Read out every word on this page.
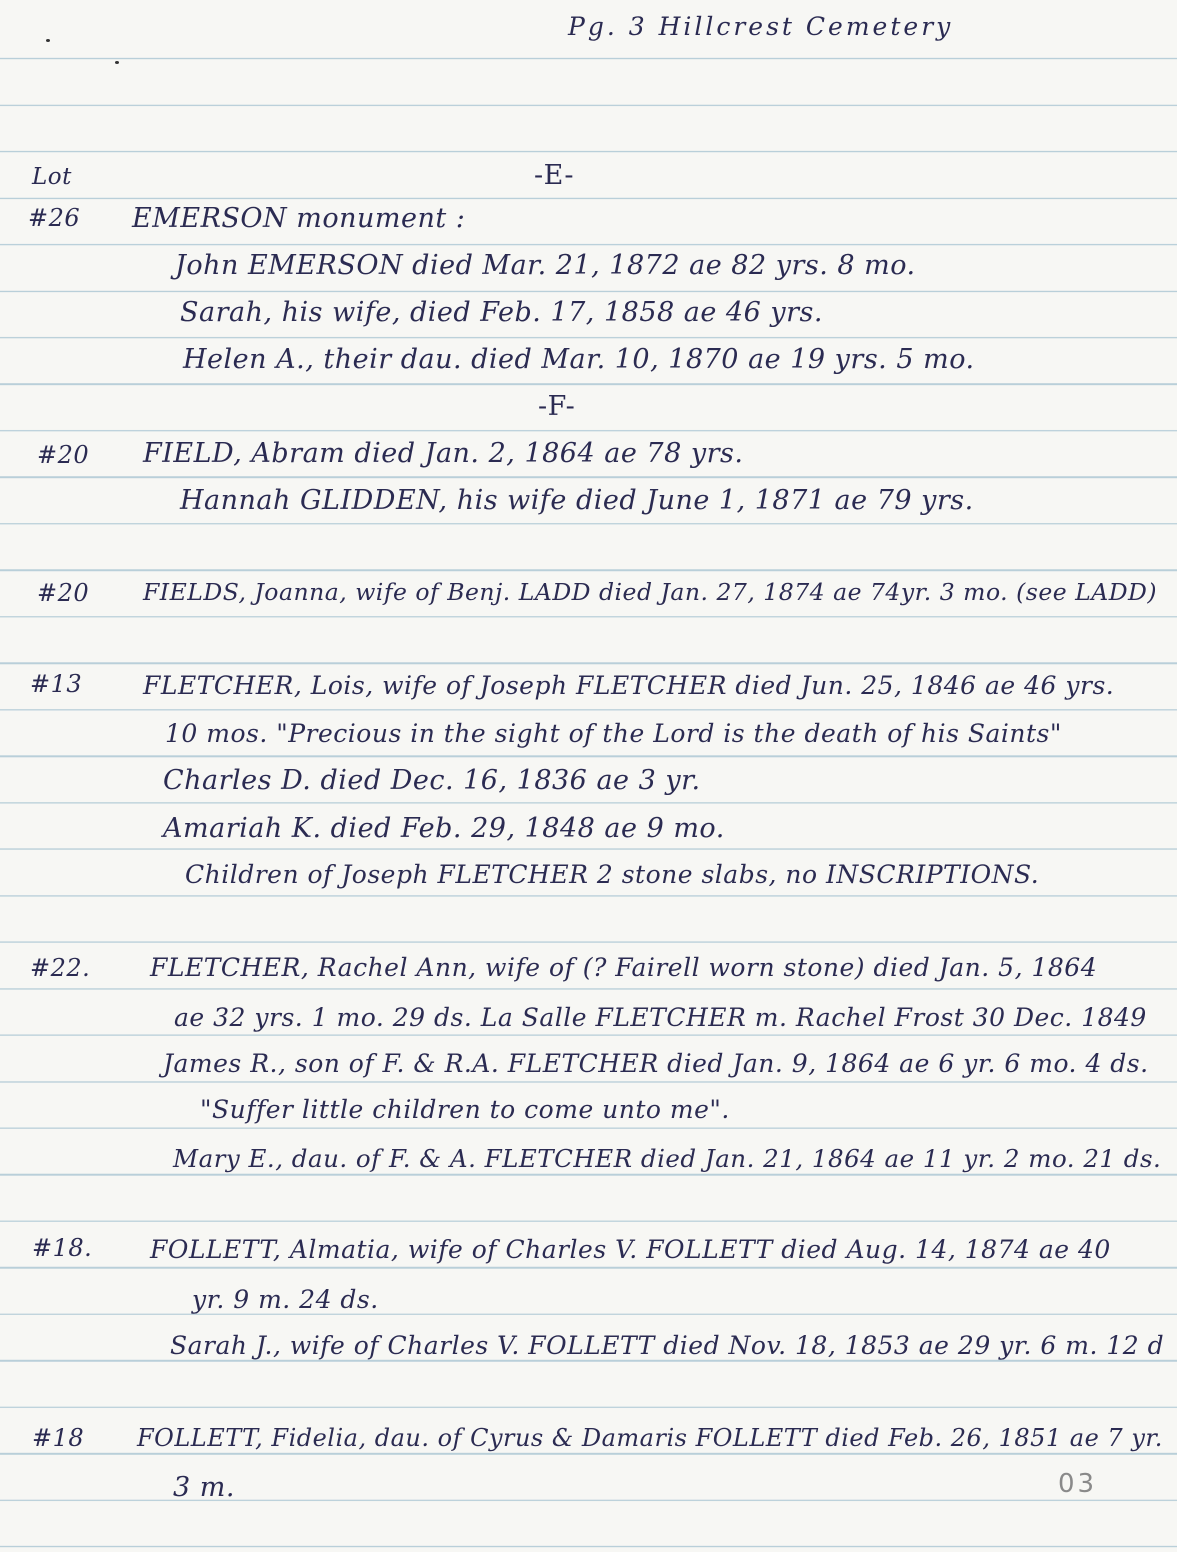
Pg. 3 Hillcrest Cemetery
Lot	-E-
#26 EMERSON monument :
John EMERSON died Mar. 21, 1872 ae 82 yrs. 8 mo.
Sarah, his wife, died Feb. 17, 1858 ae 46 yrs.
Helen A., their dau. died Mar. 10, 1870 ae 19 yrs. 5 mo.
-F-
#20 FIELD, Abram died Jan. 2, 1864 ae 78 yrs.
Hannah GLIDDEN, his wife died June 1, 1871 ae 79 yrs.
#20 FIELDS, Joanna, wife of Benj. LADD died Jan. 27, 1874 ae 74yr. 3 mo. (see LADD)
#13 FLETCHER, Lois, wife of Joseph FLETCHER died Jun. 25, 1846 ae 46 yrs.
10 mos. "Precious in the sight of the Lord is the death of his Saints"
Charles D. died Dec. 16, 1836 ae 3 yr.
Amariah K. died Feb. 29, 1848 ae 9 mo.
Children of Joseph FLETCHER 2 stone slabs, no INSCRIPTIONS.
#22. FLETCHER, Rachel Ann, wife of (? Fairell worn stone) died Jan. 5, 1864
ae 32 yrs. 1 mo. 29 ds. La Salle FLETCHER m. Rachel Frost 30 Dec. 1849
James R., son of F. & R.A. FLETCHER died Jan. 9, 1864 ae 6 yr. 6 mo. 4 ds.
"Suffer little children to come unto me".
Mary E., dau. of F. & A. FLETCHER died Jan. 21, 1864 ae 11 yr. 2 mo. 21 ds.
#18. FOLLETT, Almatia, wife of Charles V. FOLLETT died Aug. 14, 1874 ae 40
yr. 9 m. 24 ds.
Sarah J., wife of Charles V. FOLLETT died Nov. 18, 1853 ae 29 yr. 6 m. 12 d
#18 FOLLETT, Fidelia, dau. of Cyrus & Damaris FOLLETT died Feb. 26, 1851 ae 7 yr.
3 m.	03
